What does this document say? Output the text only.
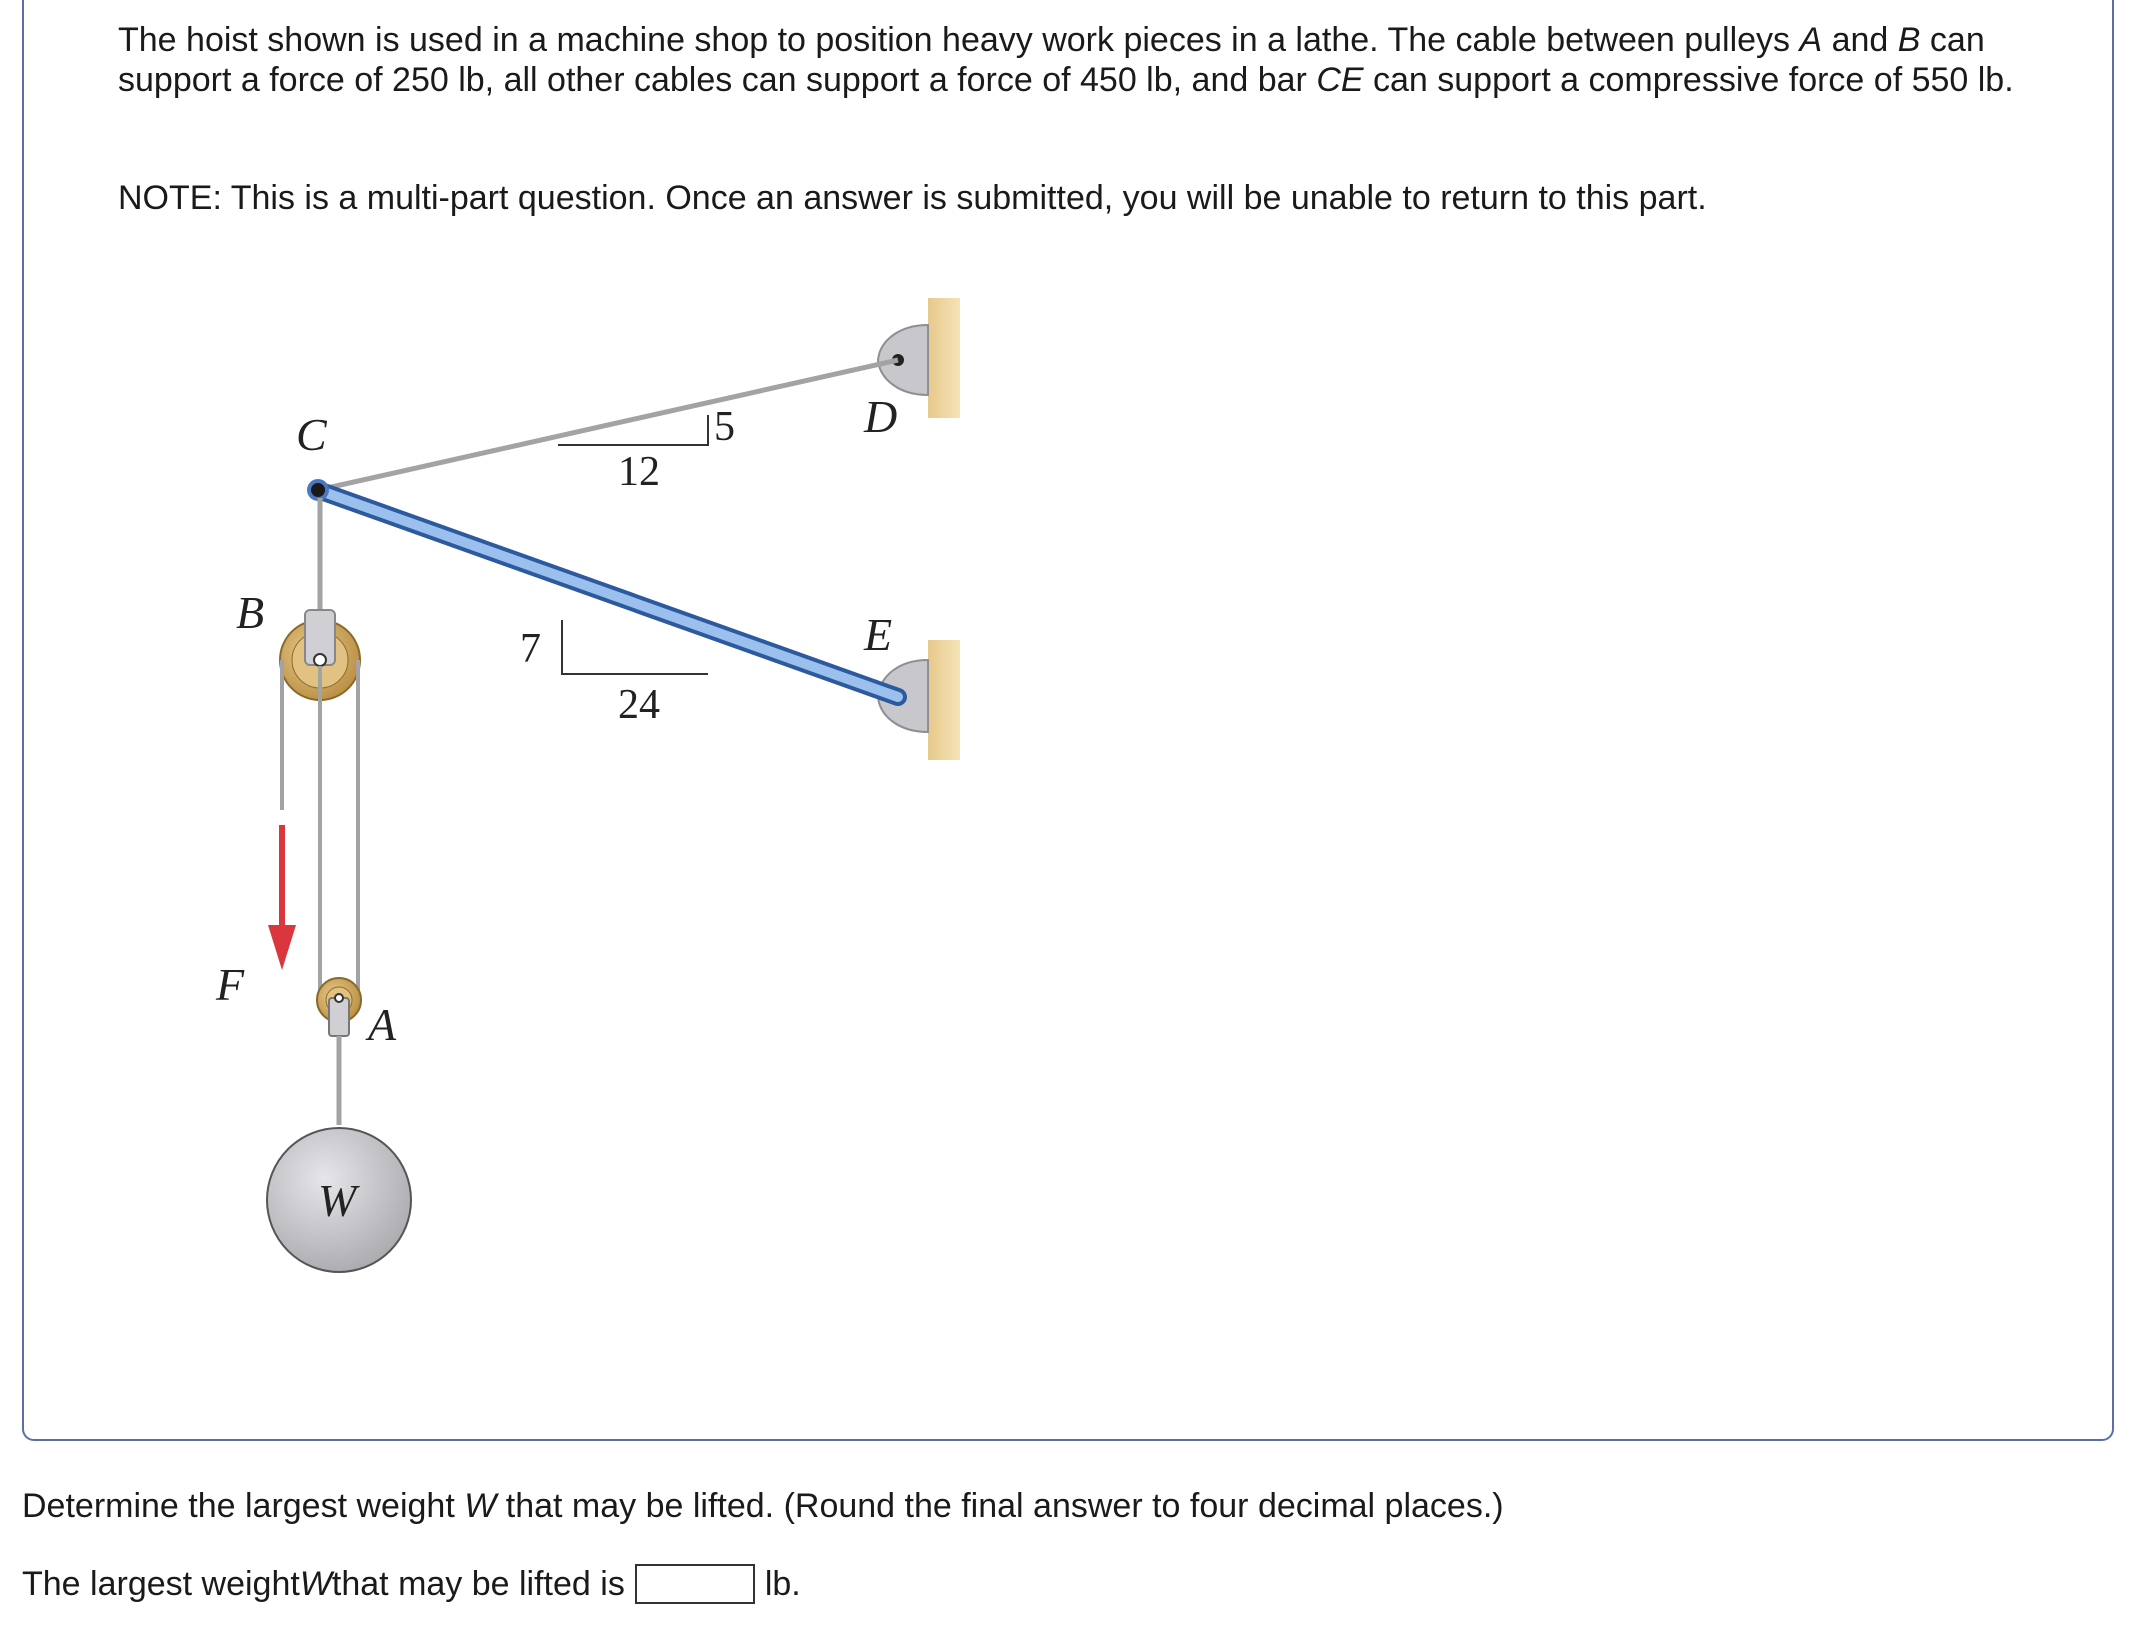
The hoist shown is used in a machine shop to position heavy work pieces in a lathe. The cable between pulleys A and B can support a force of 250 lb, all other cables can support a force of 450 lb, and bar CE can support a compressive force of 550 lb.

NOTE: This is a multi-part question. Once an answer is submitted, you will be unable to return to this part.

12
5
7
24
C	D
E
B
F
A
W

Determine the largest weight W that may be lifted. (Round the final answer to four decimal places.)

The largest weight W that may be lifted is	lb.
